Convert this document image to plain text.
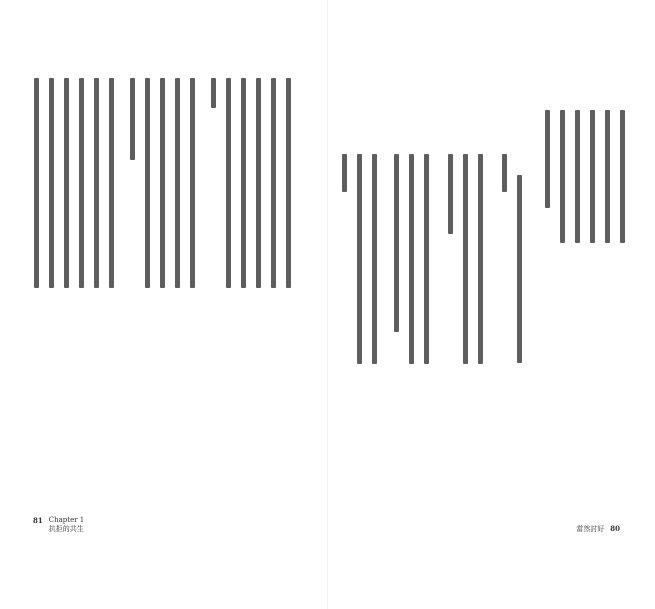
81 Chapter 1
抗拒的共生	當然討好 80
